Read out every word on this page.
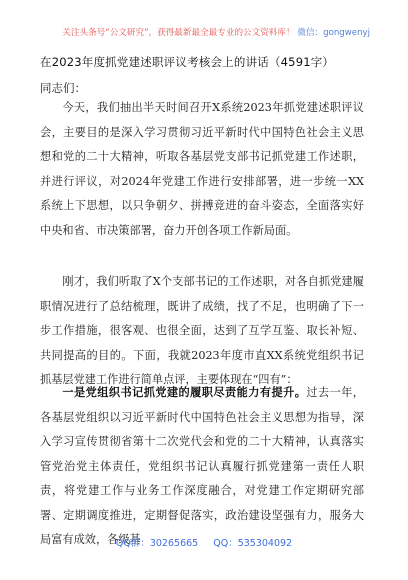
关注头条号“公文研究”，获得最新最全最专业的公文资料库！ 微信：gongwenyj
在2023年度抓党建述职评议考核会上的讲话（4591字）
同志们：

今天，我们抽出半天时间召开X系统2023年抓党建述职评议会，主要目的是深入学习贯彻习近平新时代中国特色社会主义思想和党的二十大精神，听取各基层党支部书记抓党建工作述职，并进行评议，对2024年党建工作进行安排部署，进一步统一XX系统上下思想，以只争朝夕、拼搏竞进的奋斗姿态，全面落实好中央和省、市决策部署，奋力开创各项工作新局面。

刚才，我们听取了X个支部书记的工作述职，对各自抓党建履职情况进行了总结梳理，既讲了成绩，找了不足，也明确了下一步工作措施，很客观、也很全面，达到了互学互鉴、取长补短、共同提高的目的。下面，我就2023年度市直XX系统党组织书记抓基层党建工作进行简单点评，主要体现在“四有”：

一是党组织书记抓党建的履职尽责能力有提升。过去一年，各基层党组织以习近平新时代中国特色社会主义思想为指导，深入学习宣传贯彻省第十二次党代会和党的二十大精神，认真落实管党治党主体责任，党组织书记认真履行抓党建第一责任人职责，将党建工作与业务工作深度融合，对党建工作定期研究部署、定期调度推进，定期督促落实，政治建设坚强有力，服务大局富有成效，各级基

QQ群：30265665 QQ：535304092
